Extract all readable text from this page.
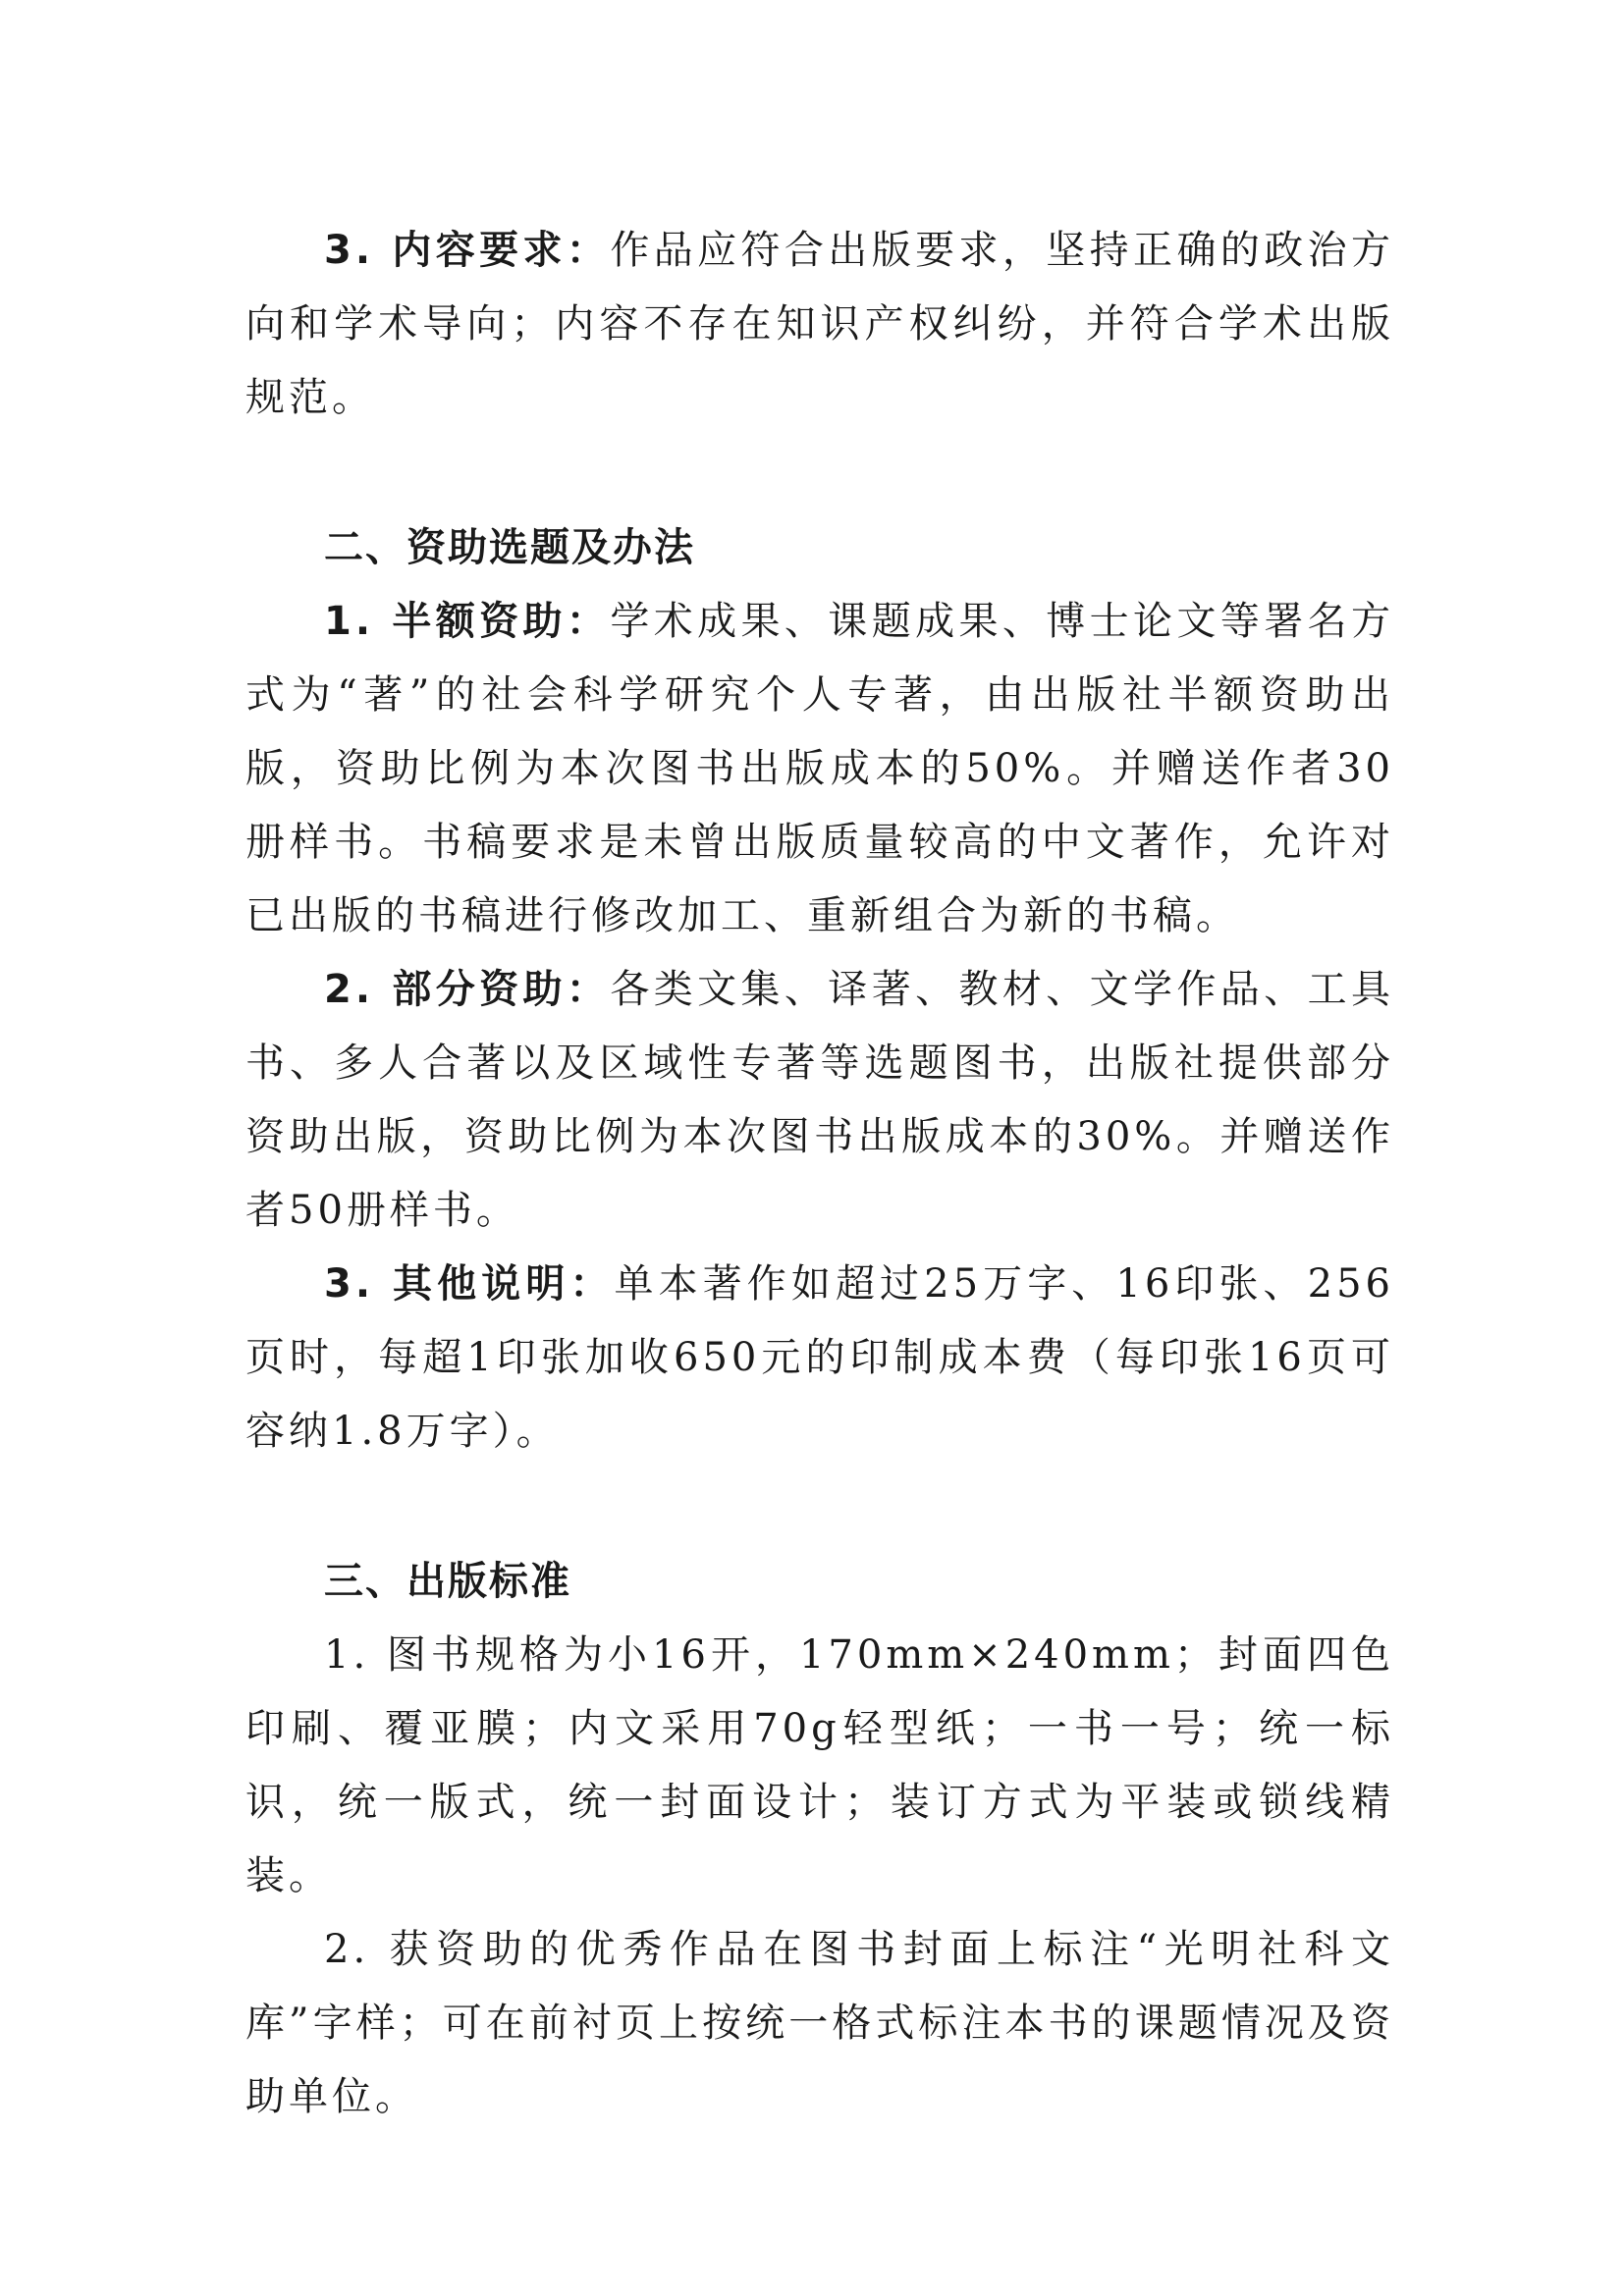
3. 内容要求：作品应符合出版要求，坚持正确的政治方向和学术导向；内容不存在知识产权纠纷，并符合学术出版规范。

二、资助选题及办法

1. 半额资助：学术成果、课题成果、博士论文等署名方式为“著”的社会科学研究个人专著，由出版社半额资助出版，资助比例为本次图书出版成本的50%。并赠送作者30册样书。书稿要求是未曾出版质量较高的中文著作，允许对已出版的书稿进行修改加工、重新组合为新的书稿。

2. 部分资助：各类文集、译著、教材、文学作品、工具书、多人合著以及区域性专著等选题图书，出版社提供部分资助出版，资助比例为本次图书出版成本的30%。并赠送作者50册样书。

3. 其他说明：单本著作如超过25万字、16印张、256页时，每超1印张加收650元的印制成本费（每印张16页可容纳1.8万字）。

三、出版标准

1. 图书规格为小16开，170mm×240mm；封面四色印刷、覆亚膜；内文采用70g轻型纸；一书一号；统一标识，统一版式，统一封面设计；装订方式为平装或锁线精装。

2. 获资助的优秀作品在图书封面上标注“光明社科文库”字样；可在前衬页上按统一格式标注本书的课题情况及资助单位。
